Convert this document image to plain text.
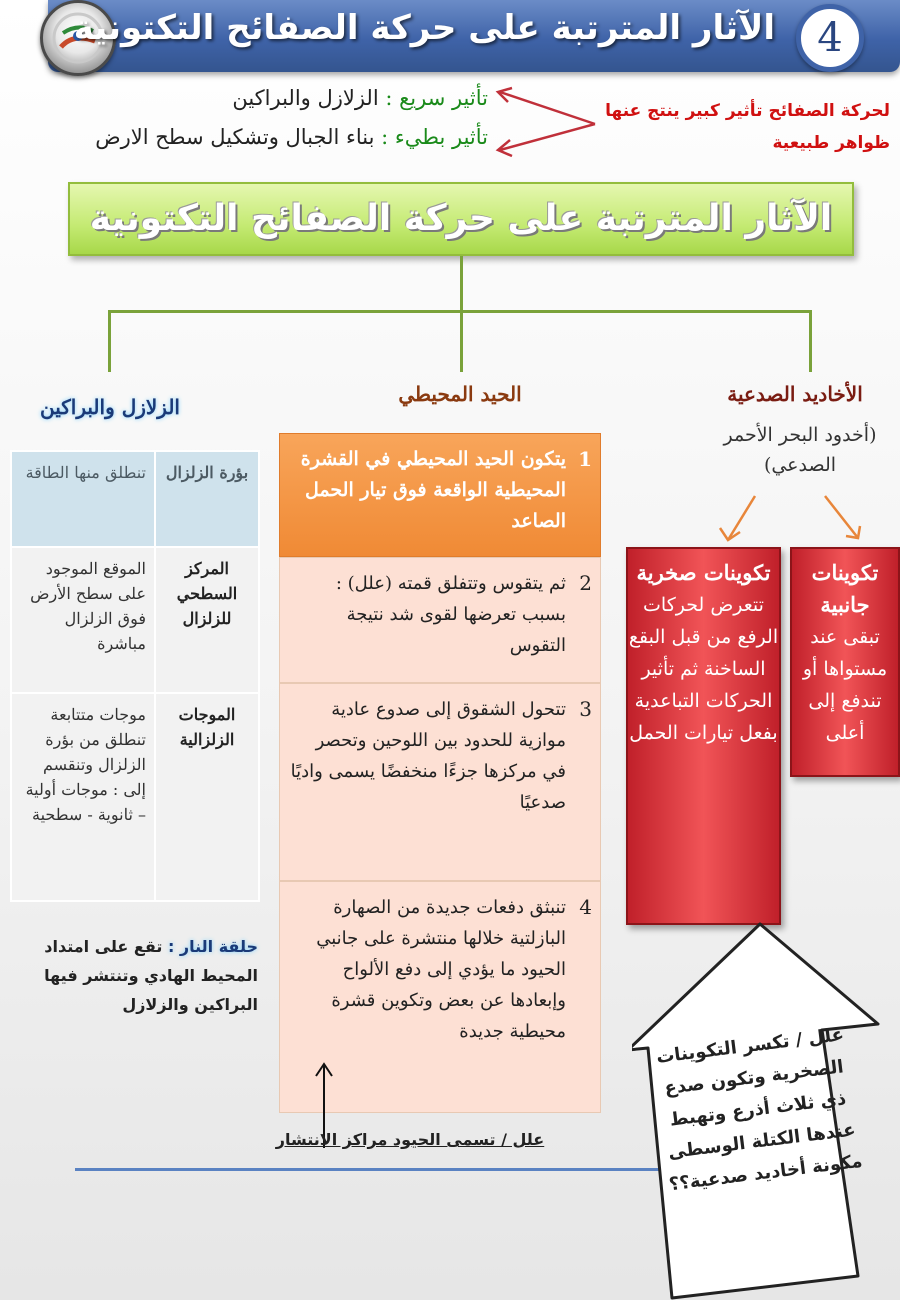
الآثار المترتبة على حركة الصفائح التكتونية	4
تأثير سريع : الزلازل والبراكين
تأثير بطيء : بناء الجبال وتشكيل سطح الارض
لحركة الصفائح تأثير كبير ينتج عنها ظواهر طبيعية
الآثار المترتبة على حركة الصفائح التكتونية
الأخاديد الصدعية
(أخدود البحر الأحمر الصدعي)
الحيد المحيطي
الزلازل والبراكين
1
يتكون الحيد المحيطي في القشرة المحيطية الواقعة فوق تيار الحمل الصاعد
2
ثم يتقوس وتتفلق قمته (علل) : بسبب تعرضها لقوى شد نتيجة التقوس
3
تتحول الشقوق إلى صدوع عادية موازية للحدود بين اللوحين وتحصر في مركزها جزءًا منخفضًا يسمى واديًا صدعيًا
4
تنبثق دفعات جديدة من الصهارة البازلتية خلالها منتشرة على جانبي الحيود ما يؤدي إلى دفع الألواح وإبعادها عن بعض وتكوين قشرة محيطية جديدة
علل / تسمى الحيود مراكز الانتشار
بؤرة الزلزال	تنطلق منها الطاقة
المركز السطحي للزلزال	الموقع الموجود على سطح الأرض فوق الزلزال مباشرة
الموجات الزلزالية	موجات متتابعة تنطلق من بؤرة الزلزال وتنقسم إلى : موجات أولية – ثانوية - سطحية
حلقة النار : تقع على امتداد المحيط الهادي وتنتشر فيها البراكين والزلازل
تكوينات صخرية
تتعرض لحركات الرفع من قبل البقع الساخنة ثم تأثير الحركات التباعدية بفعل تيارات الحمل
تكوينات جانبية
تبقى عند مستواها أو تندفع إلى أعلى
علل / تكسر التكوينات الصخرية وتكون صدع ذي ثلاث أذرع وتهبط عندها الكتلة الوسطى مكونة أخاديد صدعية؟؟
